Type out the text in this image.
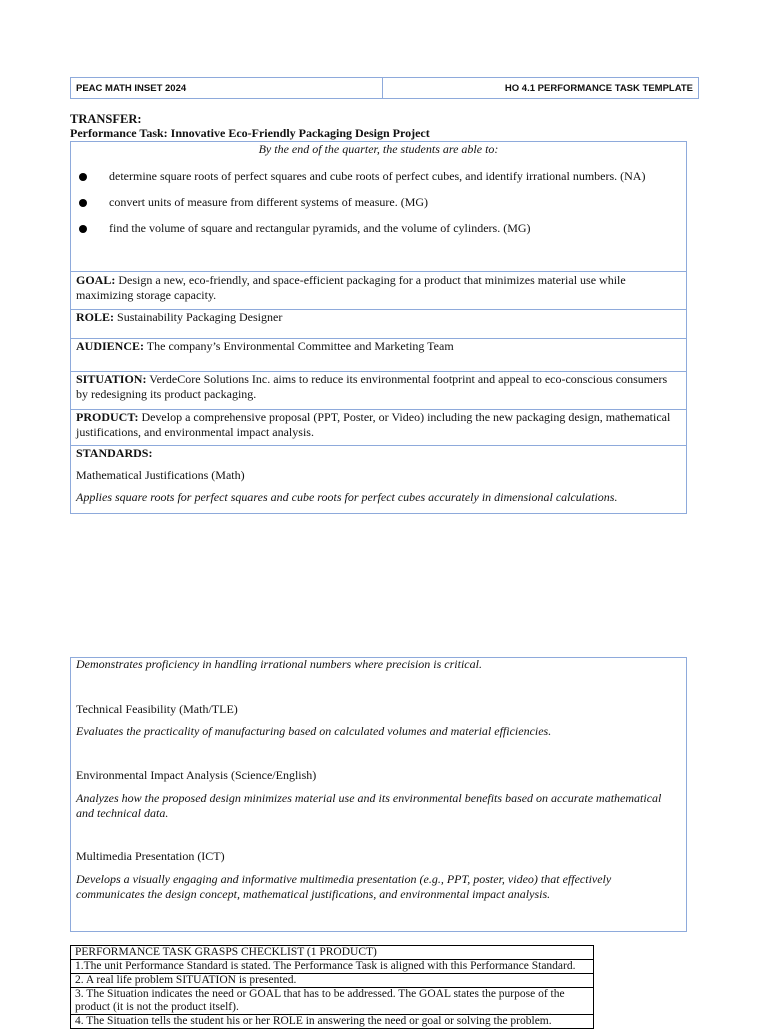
PEAC MATH INSET 2024	HO 4.1 PERFORMANCE TASK TEMPLATE
TRANSFER:
Performance Task: Innovative Eco-Friendly Packaging Design Project
By the end of the quarter, the students are able to:
determine square roots of perfect squares and cube roots of perfect cubes, and identify irrational numbers. (NA)
convert units of measure from different systems of measure. (MG)
find the volume of square and rectangular pyramids, and the volume of cylinders. (MG)
GOAL: Design a new, eco-friendly, and space-efficient packaging for a product that minimizes material use while maximizing storage capacity.
ROLE: Sustainability Packaging Designer
AUDIENCE: The company’s Environmental Committee and Marketing Team
SITUATION: VerdeCore Solutions Inc. aims to reduce its environmental footprint and appeal to eco-conscious consumers by redesigning its product packaging.
PRODUCT: Develop a comprehensive proposal (PPT, Poster, or Video) including the new packaging design, mathematical justifications, and environmental impact analysis.
STANDARDS:
Mathematical Justifications (Math)
Applies square roots for perfect squares and cube roots for perfect cubes accurately in dimensional calculations.
Demonstrates proficiency in handling irrational numbers where precision is critical.
Technical Feasibility (Math/TLE)
Evaluates the practicality of manufacturing based on calculated volumes and material efficiencies.
Environmental Impact Analysis (Science/English)
Analyzes how the proposed design minimizes material use and its environmental benefits based on accurate mathematical and technical data.
Multimedia Presentation (ICT)
Develops a visually engaging and informative multimedia presentation (e.g., PPT, poster, video) that effectively communicates the design concept, mathematical justifications, and environmental impact analysis.
PERFORMANCE TASK GRASPS CHECKLIST (1 PRODUCT)
1.The unit Performance Standard is stated. The Performance Task is aligned with this Performance Standard.
2. A real life problem SITUATION is presented.
3. The Situation indicates the need or GOAL that has to be addressed. The GOAL states the purpose of the product (it is not the product itself).
4. The Situation tells the student his or her ROLE in answering the need or goal or solving the problem.
